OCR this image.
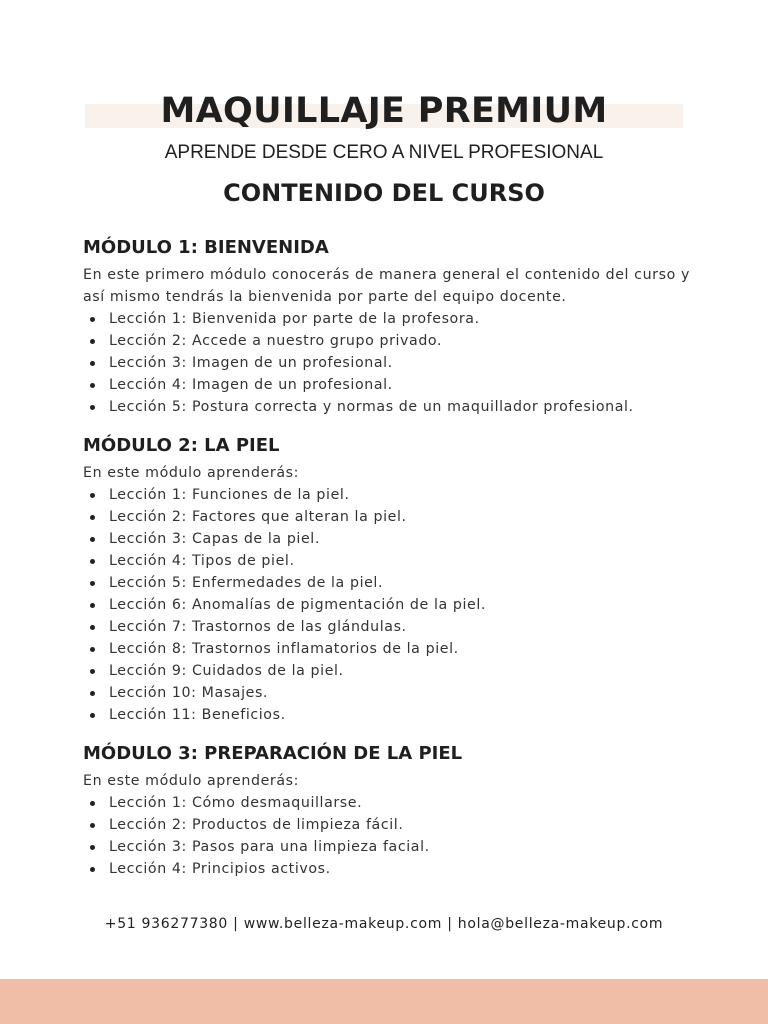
MAQUILLAJE PREMIUM
APRENDE DESDE CERO A NIVEL PROFESIONAL
CONTENIDO DEL CURSO
MÓDULO 1: BIENVENIDA

En este primero módulo conocerás de manera general el contenido del curso y así mismo tendrás la bienvenida por parte del equipo docente.

Lección 1: Bienvenida por parte de la profesora.
Lección 2: Accede a nuestro grupo privado.
Lección 3: Imagen de un profesional.
Lección 4: Imagen de un profesional.
Lección 5: Postura correcta y normas de un maquillador profesional.
MÓDULO 2: LA PIEL

En este módulo aprenderás:

Lección 1: Funciones de la piel.
Lección 2: Factores que alteran la piel.
Lección 3: Capas de la piel.
Lección 4: Tipos de piel.
Lección 5: Enfermedades de la piel.
Lección 6: Anomalías de pigmentación de la piel.
Lección 7: Trastornos de las glándulas.
Lección 8: Trastornos inflamatorios de la piel.
Lección 9: Cuidados de la piel.
Lección 10: Masajes.
Lección 11: Beneficios.
MÓDULO 3: PREPARACIÓN DE LA PIEL

En este módulo aprenderás:

Lección 1: Cómo desmaquillarse.
Lección 2: Productos de limpieza fácil.
Lección 3: Pasos para una limpieza facial.
Lección 4: Principios activos.
+51 936277380 | www.belleza-makeup.com | hola@belleza-makeup.com
